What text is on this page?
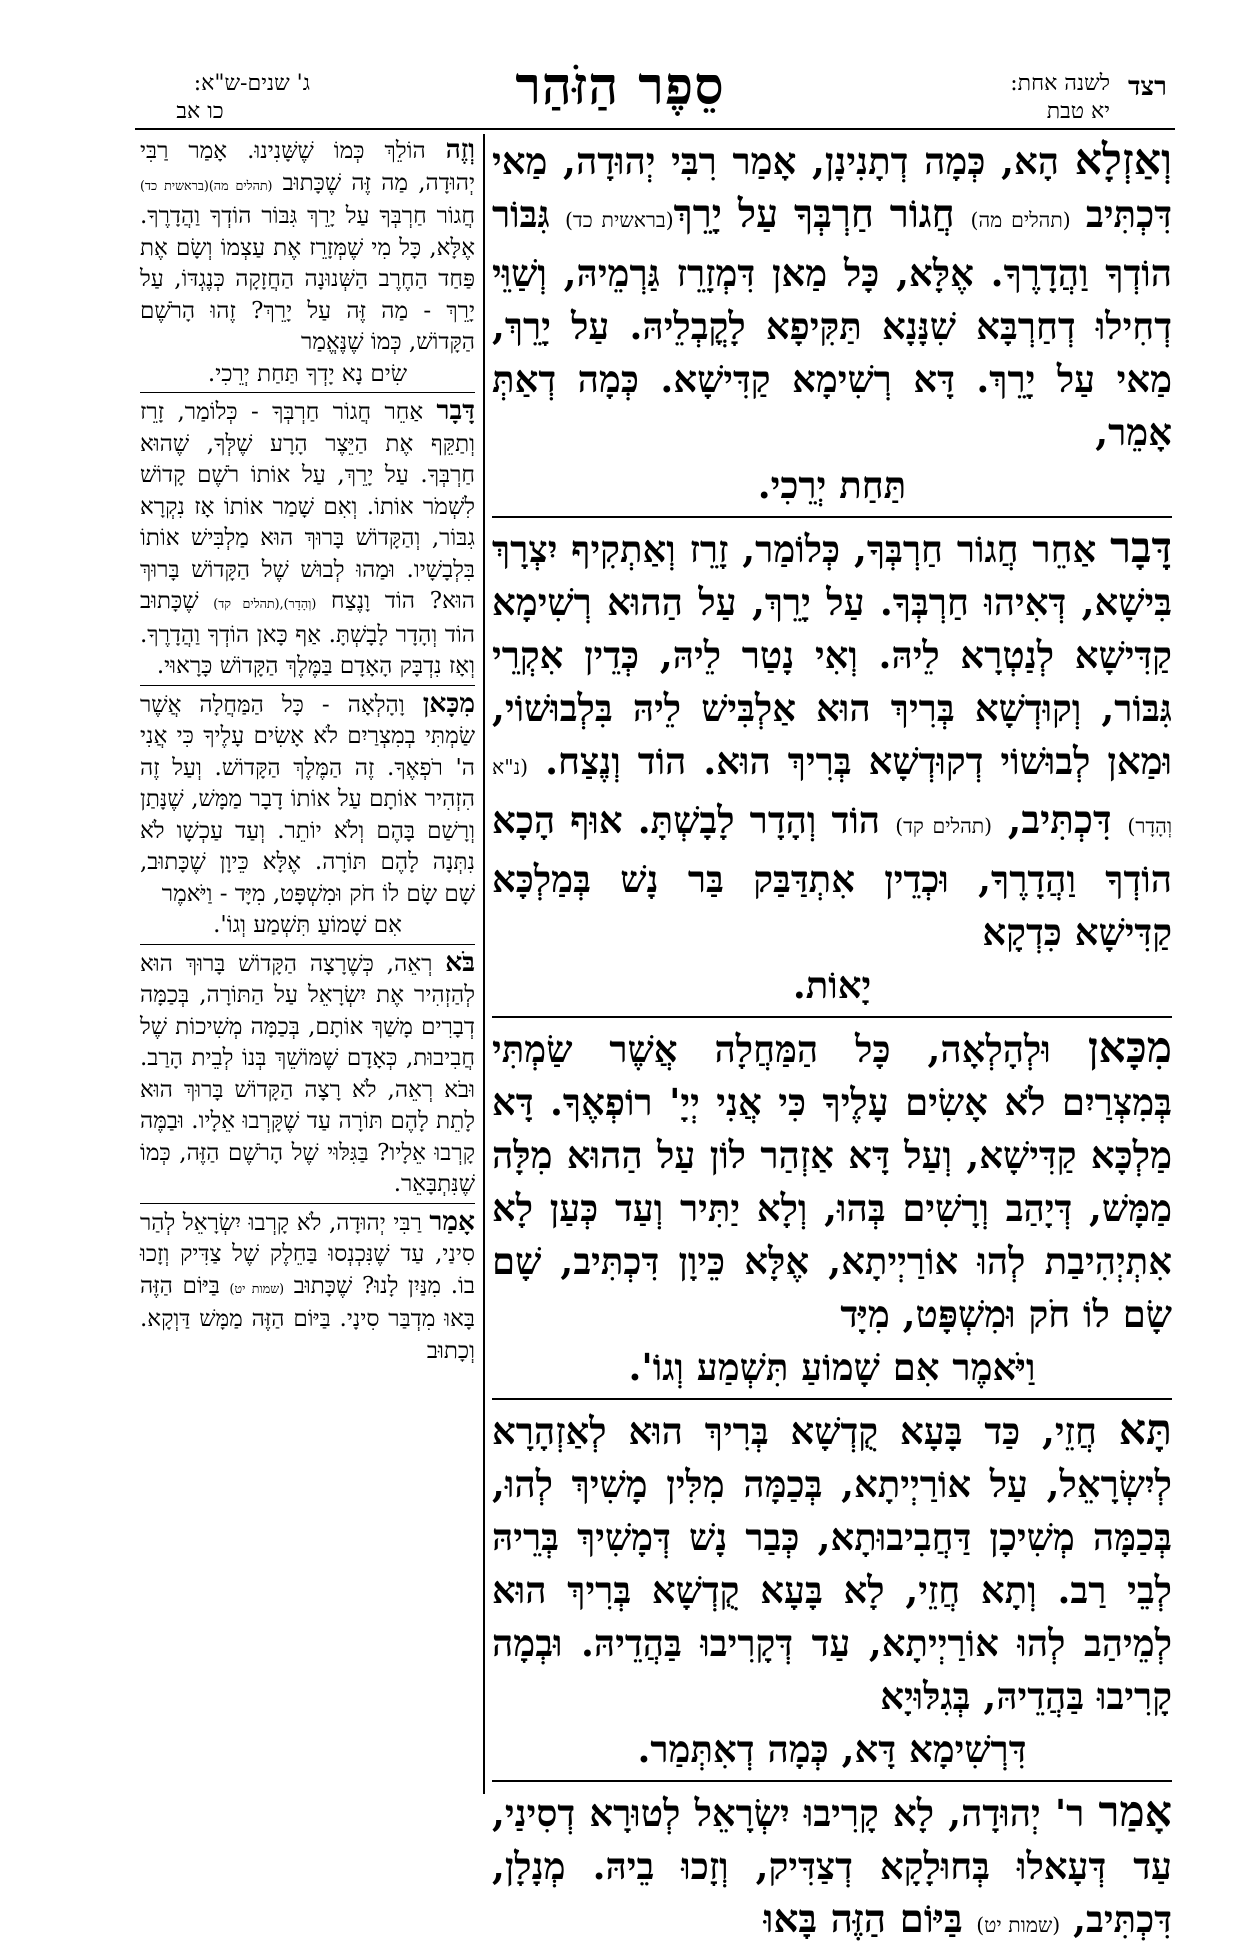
רצד
לשנה אחת:
יא טבת
סֵפֶר הַזֹּהַר
ג' שנים-ש"א:
כו אב
וְאַזְלָא הָא, כְּמָה דְתָנִינָן, אָמַר רִבִּי יְהוּדָה, מַאי דִּכְתִּיב (תהלים מה) חֲגוֹר חַרְבְּךָ עַל יָרֵךְ(בראשית כד) גִּבּוֹר הוֹדְךָ וַהֲדָרֶךָ. אֶלָּא, כָּל מַאן דִּמְזָרֵז גַּרְמֵיהּ, וְשַׁוֵּי דְחִילוּ דְחַרְבָּא שִׁנָּנָא תַּקִּיפָא לָקֳבְלֵיהּ. עַל יָרֵךְ, מַאי עַל יָרֵךְ. דָּא רְשִׁימָא קַדִּישָׁא. כְּמָה דְאַתְּ אָמֵר,
תַּחַת יְרֵכִי.
דָּבָר אַחֵר חֲגוֹר חַרְבְּךָ, כְּלוֹמַר, זָרֵז וְאַתְקִיף יִצְרָךְ בִּישָׁא, דְּאִיהוּ חַרְבְּךָ. עַל יָרֵךְ, עַל הַהוּא רְשִׁימָא קַדִּישָׁא לְנַטְרָא לֵיהּ. וְאִי נָטַר לֵיהּ, כְּדֵין אִקְרֵי גִּבּוֹר, וְקוּדְשָׁא בְּרִיךְ הוּא אַלְבִּישׁ לֵיהּ בִּלְבוּשׁוֹי, וּמַאן לְבוּשׁוֹי דְקוּדְשָׁא בְּרִיךְ הוּא. הוֹד וְנֶצַח. (נ"א וְהָדָר) דִּכְתִּיב, (תהלים קד) הוֹד וְהָדָר לָבָשְׁתָּ. אוּף הָכָא הוֹדְךָ וַהֲדָרֶךָ, וּכְדֵין אִתְדַּבַּק בַּר נָשׁ בְּמַלְכָּא קַדִּישָׁא כִּדְקָא
יָאוֹת.
מִכָּאן וּלְהָלְאָה, כָּל הַמַּחֲלָה אֲשֶׁר שַׂמְתִּי בְּמִצְרַיִם לֹא אָשִׂים עָלֶיךָ כִּי אֲנִי יְיָ' רוֹפְאֶךָ. דָּא מַלְכָּא קַדִּישָׁא, וְעַל דָּא אַזְהַר לוֹן עַל הַהוּא מִלָּה מַמָּשׁ, דְּיָהַב וְרָשִׁים בְּהוּ, וְלָא יַתִּיר וְעַד כְּעַן לָא אִתְיְהִיבַת לְהוּ אוֹרַיְיתָא, אֶלָּא כֵּיוָן דִּכְתִּיב, שָׁם שָׂם לוֹ חֹק וּמִשְׁפָּט, מִיָּד
וַיֹּאמֶר אִם שָׁמוֹעַ תִּשְׁמַע וְגוֹ'.
תָּא חֲזֵי, כַּד בָּעָא קֻדְשָׁא בְּרִיךְ הוּא לְאַזְהָרָא לְיִשְׂרָאֵל, עַל אוֹרַיְיתָא, בְּכַמָּה מִלִּין מָשִׁיךְ לְהוּ, בְּכַמָּה מְשִׁיכָן דַּחֲבִיבוּתָא, כְּבַר נָשׁ דְּמָשִׁיךְ בְּרֵיהּ לְבֵי רַב. וְתָא חֲזֵי, לָא בָּעָא קֻדְשָׁא בְּרִיךְ הוּא לְמֵיהַב לְהוּ אוֹרַיְיתָא, עַד דְּקָרִיבוּ בַּהֲדֵיהּ. וּבְמָה קָרִיבוּ בַּהֲדֵיהּ, בְּגִלּוּיָא
דִּרְשִׁימָא דָּא, כְּמָה דְאִתְּמַר.
אָמַר ר' יְהוּדָה, לָא קָרִיבוּ יִשְׂרָאֵל לְטוּרָא דְסִינַי, עַד דְּעָאלוּ בְּחוּלָקָא דְצַדִּיק, וְזָכוּ בֵיהּ. מְנָלָן, דִּכְתִּיב, (שמות יט) בַּיּוֹם הַזֶּה בָּאוּ
וְזֶה הוֹלֵךְ כְּמוֹ שֶׁשָּׁנִינוּ. אָמַר רַבִּי יְהוּדָה, מַה זֶּה שֶׁכָּתוּב (תהלים מה)(בראשית כד) חֲגוֹר חַרְבְּךָ עַל יָרֵךְ גִּבּוֹר הוֹדְךָ וַהֲדָרֶךָ. אֶלָּא, כָּל מִי שֶׁמְּזָרֵז אֶת עַצְמוֹ וְשָׂם אֶת פַּחַד הַחֶרֶב הַשְּׁנוּנָה הַחֲזָקָה כְּנֶגְדּוֹ, עַל יָרֵךְ - מַה זֶּה עַל יָרֵךְ? זֶהוּ הָרֹשֶׁם הַקָּדוֹשׁ, כְּמוֹ שֶׁנֶּאֱמַר
שִׂים נָא יָדְךָ תַּחַת יְרֵכִי.
דָּבָר אַחֵר חֲגוֹר חַרְבְּךָ - כְּלוֹמַר, זָרֵז וְתַקֵּף אֶת הַיֵּצֶר הָרָע שֶׁלְּךָ, שֶׁהוּא חַרְבְּךָ. עַל יָרֵךְ, עַל אוֹתוֹ רֹשֶׁם קָדוֹשׁ לִשְׁמֹר אוֹתוֹ. וְאִם שָׁמַר אוֹתוֹ אָז נִקְרָא גִבּוֹר, וְהַקָּדוֹשׁ בָּרוּךְ הוּא מַלְבִּישׁ אוֹתוֹ בִּלְבָשָׁיו. וּמַהוּ לְבוּשׁ שֶׁל הַקָּדוֹשׁ בָּרוּךְ הוּא? הוֹד וָנֶצַח (וְהָדָר),(תהלים קד) שֶׁכָּתוּב הוֹד וְהָדָר לָבָשְׁתָּ. אַף כָּאן הוֹדְךָ וַהֲדָרֶךָ. וְאָז נִדְבָּק הָאָדָם בַּמֶּלֶךְ הַקָּדוֹשׁ כָּרָאוּי.
מִכָּאן וָהָלְאָה - כָּל הַמַּחֲלָה אֲשֶׁר שַׂמְתִּי בְמִצְרַיִם לֹא אָשִׂים עָלֶיךָ כִּי אֲנִי ה' רֹפְאֶךָ. זֶה הַמֶּלֶךְ הַקָּדוֹשׁ. וְעַל זֶה הִזְהִיר אוֹתָם עַל אוֹתוֹ דָבָר מַמָּשׁ, שֶׁנָּתַן וְרָשַׁם בָּהֶם וְלֹא יוֹתֵר. וְעַד עַכְשָׁו לֹא נִתְּנָה לָהֶם תּוֹרָה. אֶלָּא כֵּיוָן שֶׁכָּתוּב, שָׁם שָׂם לוֹ חֹק וּמִשְׁפָּט, מִיָּד - וַיֹּאמֶר
אִם שָׁמוֹעַ תִּשְׁמַע וְגוֹ'.
בֹּא רְאֵה, כְּשֶׁרָצָה הַקָּדוֹשׁ בָּרוּךְ הוּא לְהַזְהִיר אֶת יִשְׂרָאֵל עַל הַתּוֹרָה, בְּכַמָּה דְבָרִים מָשַׁךְ אוֹתָם, בְּכַמָּה מְשִׁיכוֹת שֶׁל חֲבִיבוּת, כְּאָדָם שֶׁמּוֹשֵׁךְ בְּנוֹ לְבֵית הָרַב. וּבֹא רְאֵה, לֹא רָצָה הַקָּדוֹשׁ בָּרוּךְ הוּא לָתֵת לָהֶם תּוֹרָה עַד שֶׁקָּרְבוּ אֵלָיו. וּבַמֶּה קָרְבוּ אֵלָיו? בַּגִּלּוּי שֶׁל הָרֹשֶׁם הַזֶּה, כְּמוֹ שֶׁנִּתְבָּאֵר.
אָמַר רַבִּי יְהוּדָה, לֹא קָרְבוּ יִשְׂרָאֵל לְהַר סִינַי, עַד שֶׁנִּכְנְסוּ בַּחֵלֶק שֶׁל צַדִּיק וְזָכוּ בוֹ. מִנַּיִן לָנוּ? שֶׁכָּתוּב (שמות יט) בַּיּוֹם הַזֶּה בָּאוּ מִדְבַּר סִינָי. בַּיּוֹם הַזֶּה מַמָּשׁ דַּוְקָא. וְכָתוּב
